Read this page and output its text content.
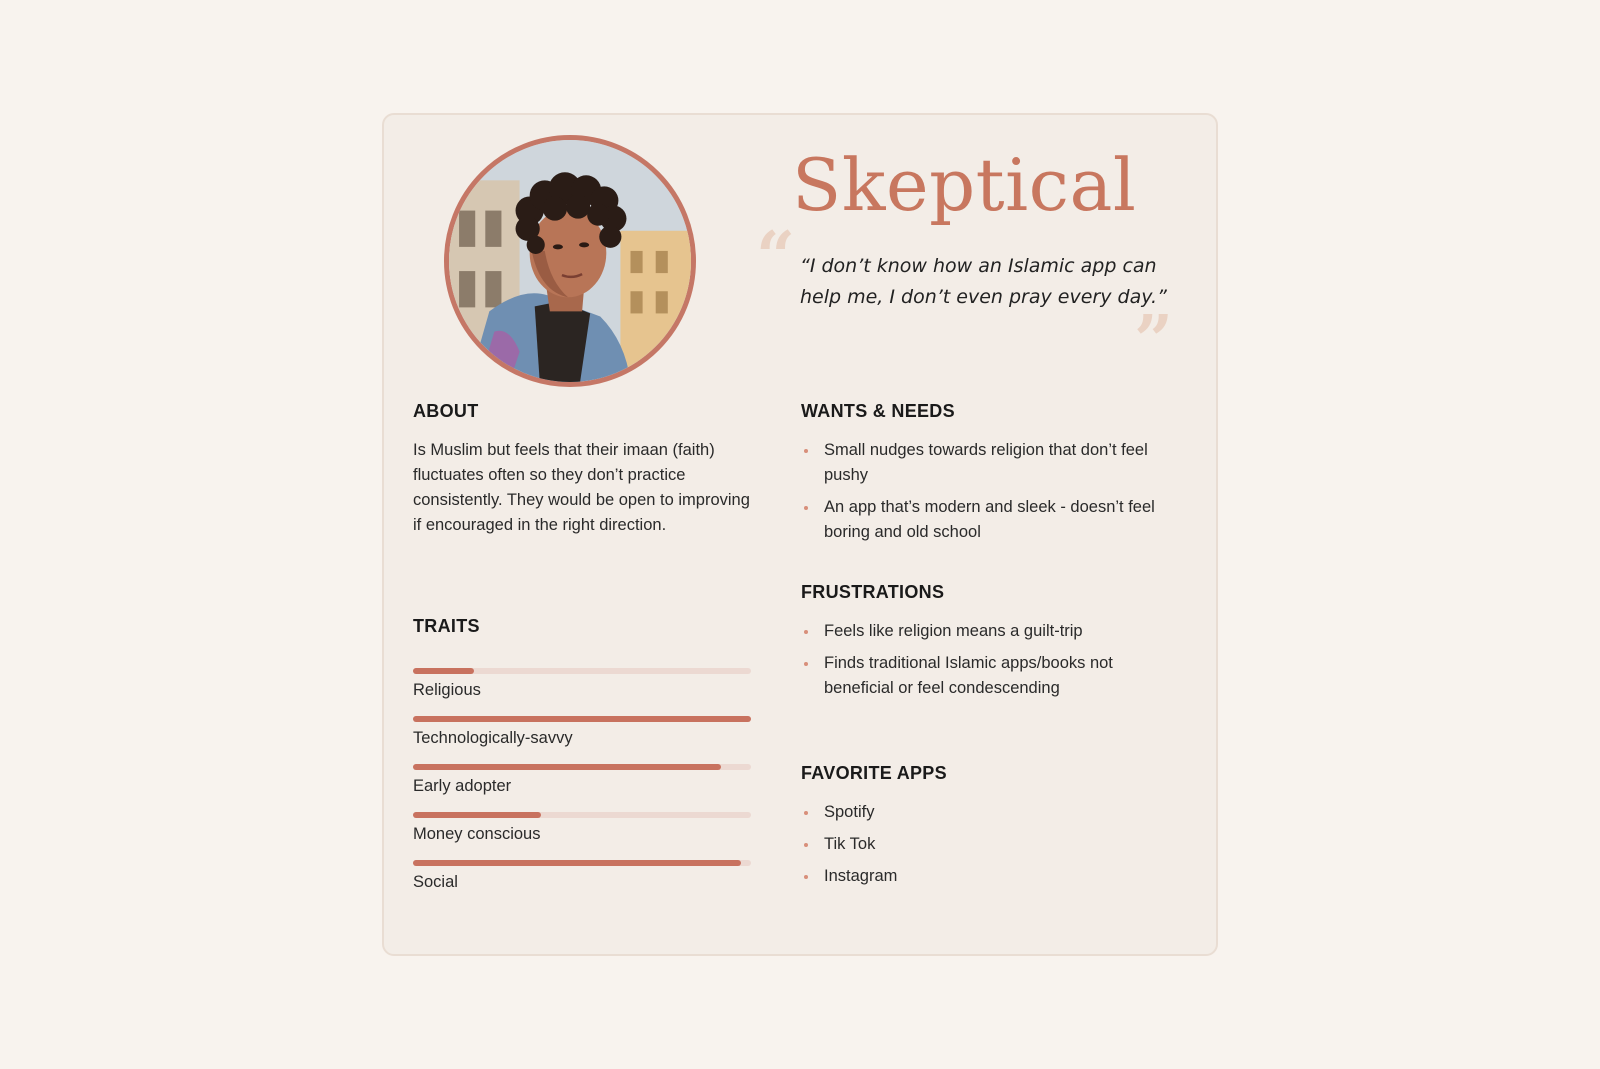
Skeptical
“ “I don’t know how an Islamic app can help me, I don’t even pray every day.”
”
ABOUT
Is Muslim but feels that their imaan (faith) fluctuates often so they don’t practice consistently. They would be open to improving if encouraged in the right direction.
TRAITS
Religious
Technologically-savvy
Early adopter
Money conscious
Social
WANTS & NEEDS
Small nudges towards religion that don’t feel pushy
An app that’s modern and sleek - doesn’t feel boring and old school
FRUSTRATIONS
Feels like religion means a guilt-trip
Finds traditional Islamic apps/books not beneficial or feel condescending
FAVORITE APPS
Spotify
Tik Tok
Instagram
